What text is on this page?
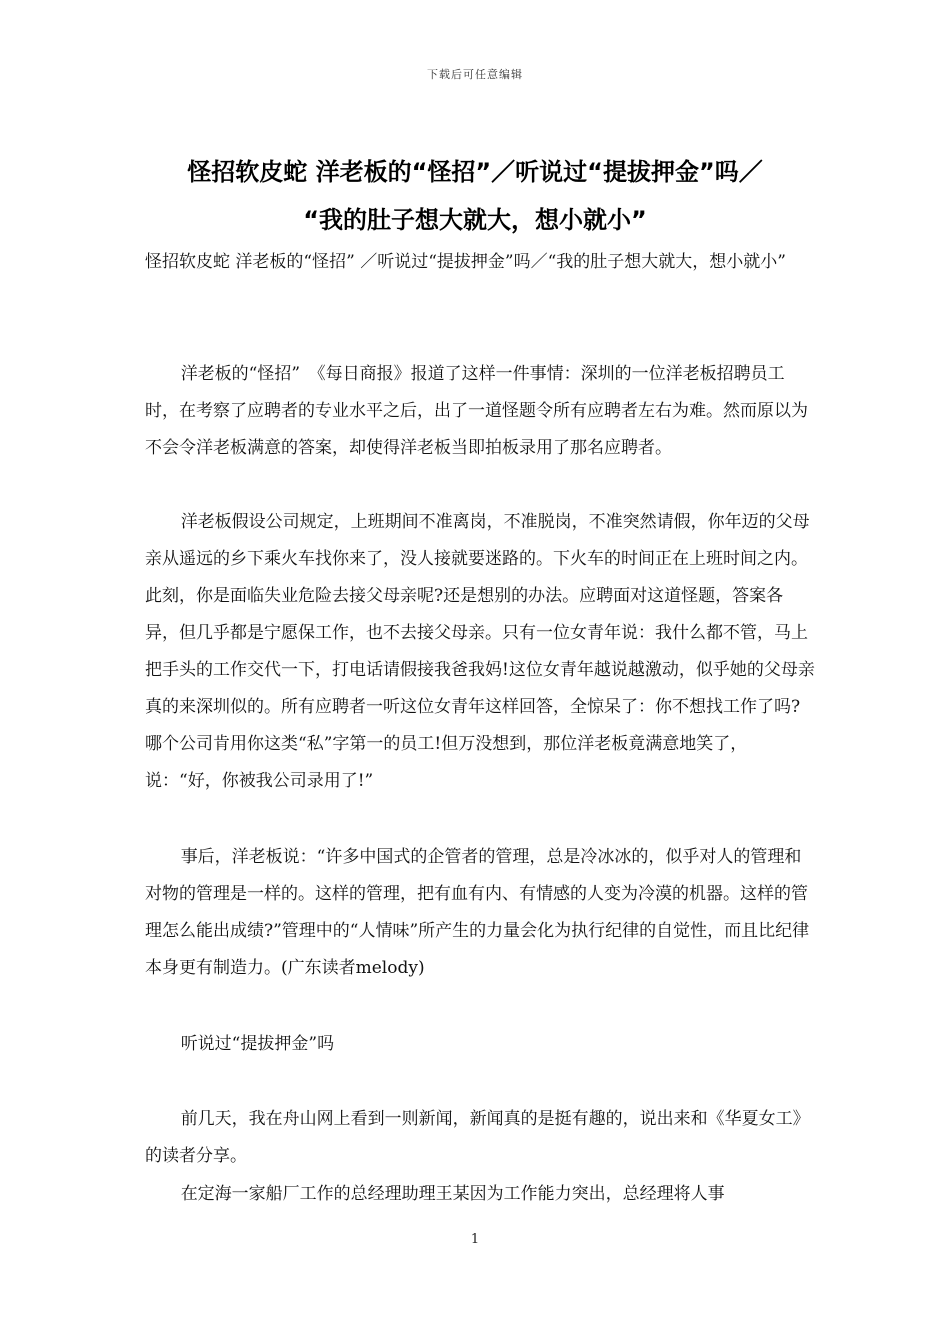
下载后可任意编辑
怪招软皮蛇 洋老板的“怪招”／听说过“提拔押金”吗／
“我的肚子想大就大，想小就小”
怪招软皮蛇 洋老板的“怪招” ／听说过“提拔押金”吗／“我的肚子想大就大，想小就小”
洋老板的“怪招”　《每日商报》报道了这样一件事情：深圳的一位洋老板招聘员工时，在考察了应聘者的专业水平之后，出了一道怪题令所有应聘者左右为难。然而原以为不会令洋老板满意的答案，却使得洋老板当即拍板录用了那名应聘者。
洋老板假设公司规定，上班期间不准离岗，不准脱岗，不准突然请假，你年迈的父母亲从遥远的乡下乘火车找你来了，没人接就要迷路的。下火车的时间正在上班时间之内。此刻，你是面临失业危险去接父母亲呢?还是想别的办法。应聘面对这道怪题，答案各异，但几乎都是宁愿保工作，也不去接父母亲。只有一位女青年说：我什么都不管，马上把手头的工作交代一下，打电话请假接我爸我妈!这位女青年越说越激动，似乎她的父母亲真的来深圳似的。所有应聘者一听这位女青年这样回答，全惊呆了：你不想找工作了吗?哪个公司肯用你这类“私”字第一的员工!但万没想到，那位洋老板竟满意地笑了，说：“好，你被我公司录用了!”
事后，洋老板说：“许多中国式的企管者的管理，总是冷冰冰的，似乎对人的管理和对物的管理是一样的。这样的管理，把有血有内、有情感的人变为冷漠的机器。这样的管理怎么能出成绩?”管理中的“人情味”所产生的力量会化为执行纪律的自觉性，而且比纪律本身更有制造力。(广东读者melody)
听说过“提拔押金”吗
前几天，我在舟山网上看到一则新闻，新闻真的是挺有趣的，说出来和《华夏女工》的读者分享。
在定海一家船厂工作的总经理助理王某因为工作能力突出，总经理将人事
1
